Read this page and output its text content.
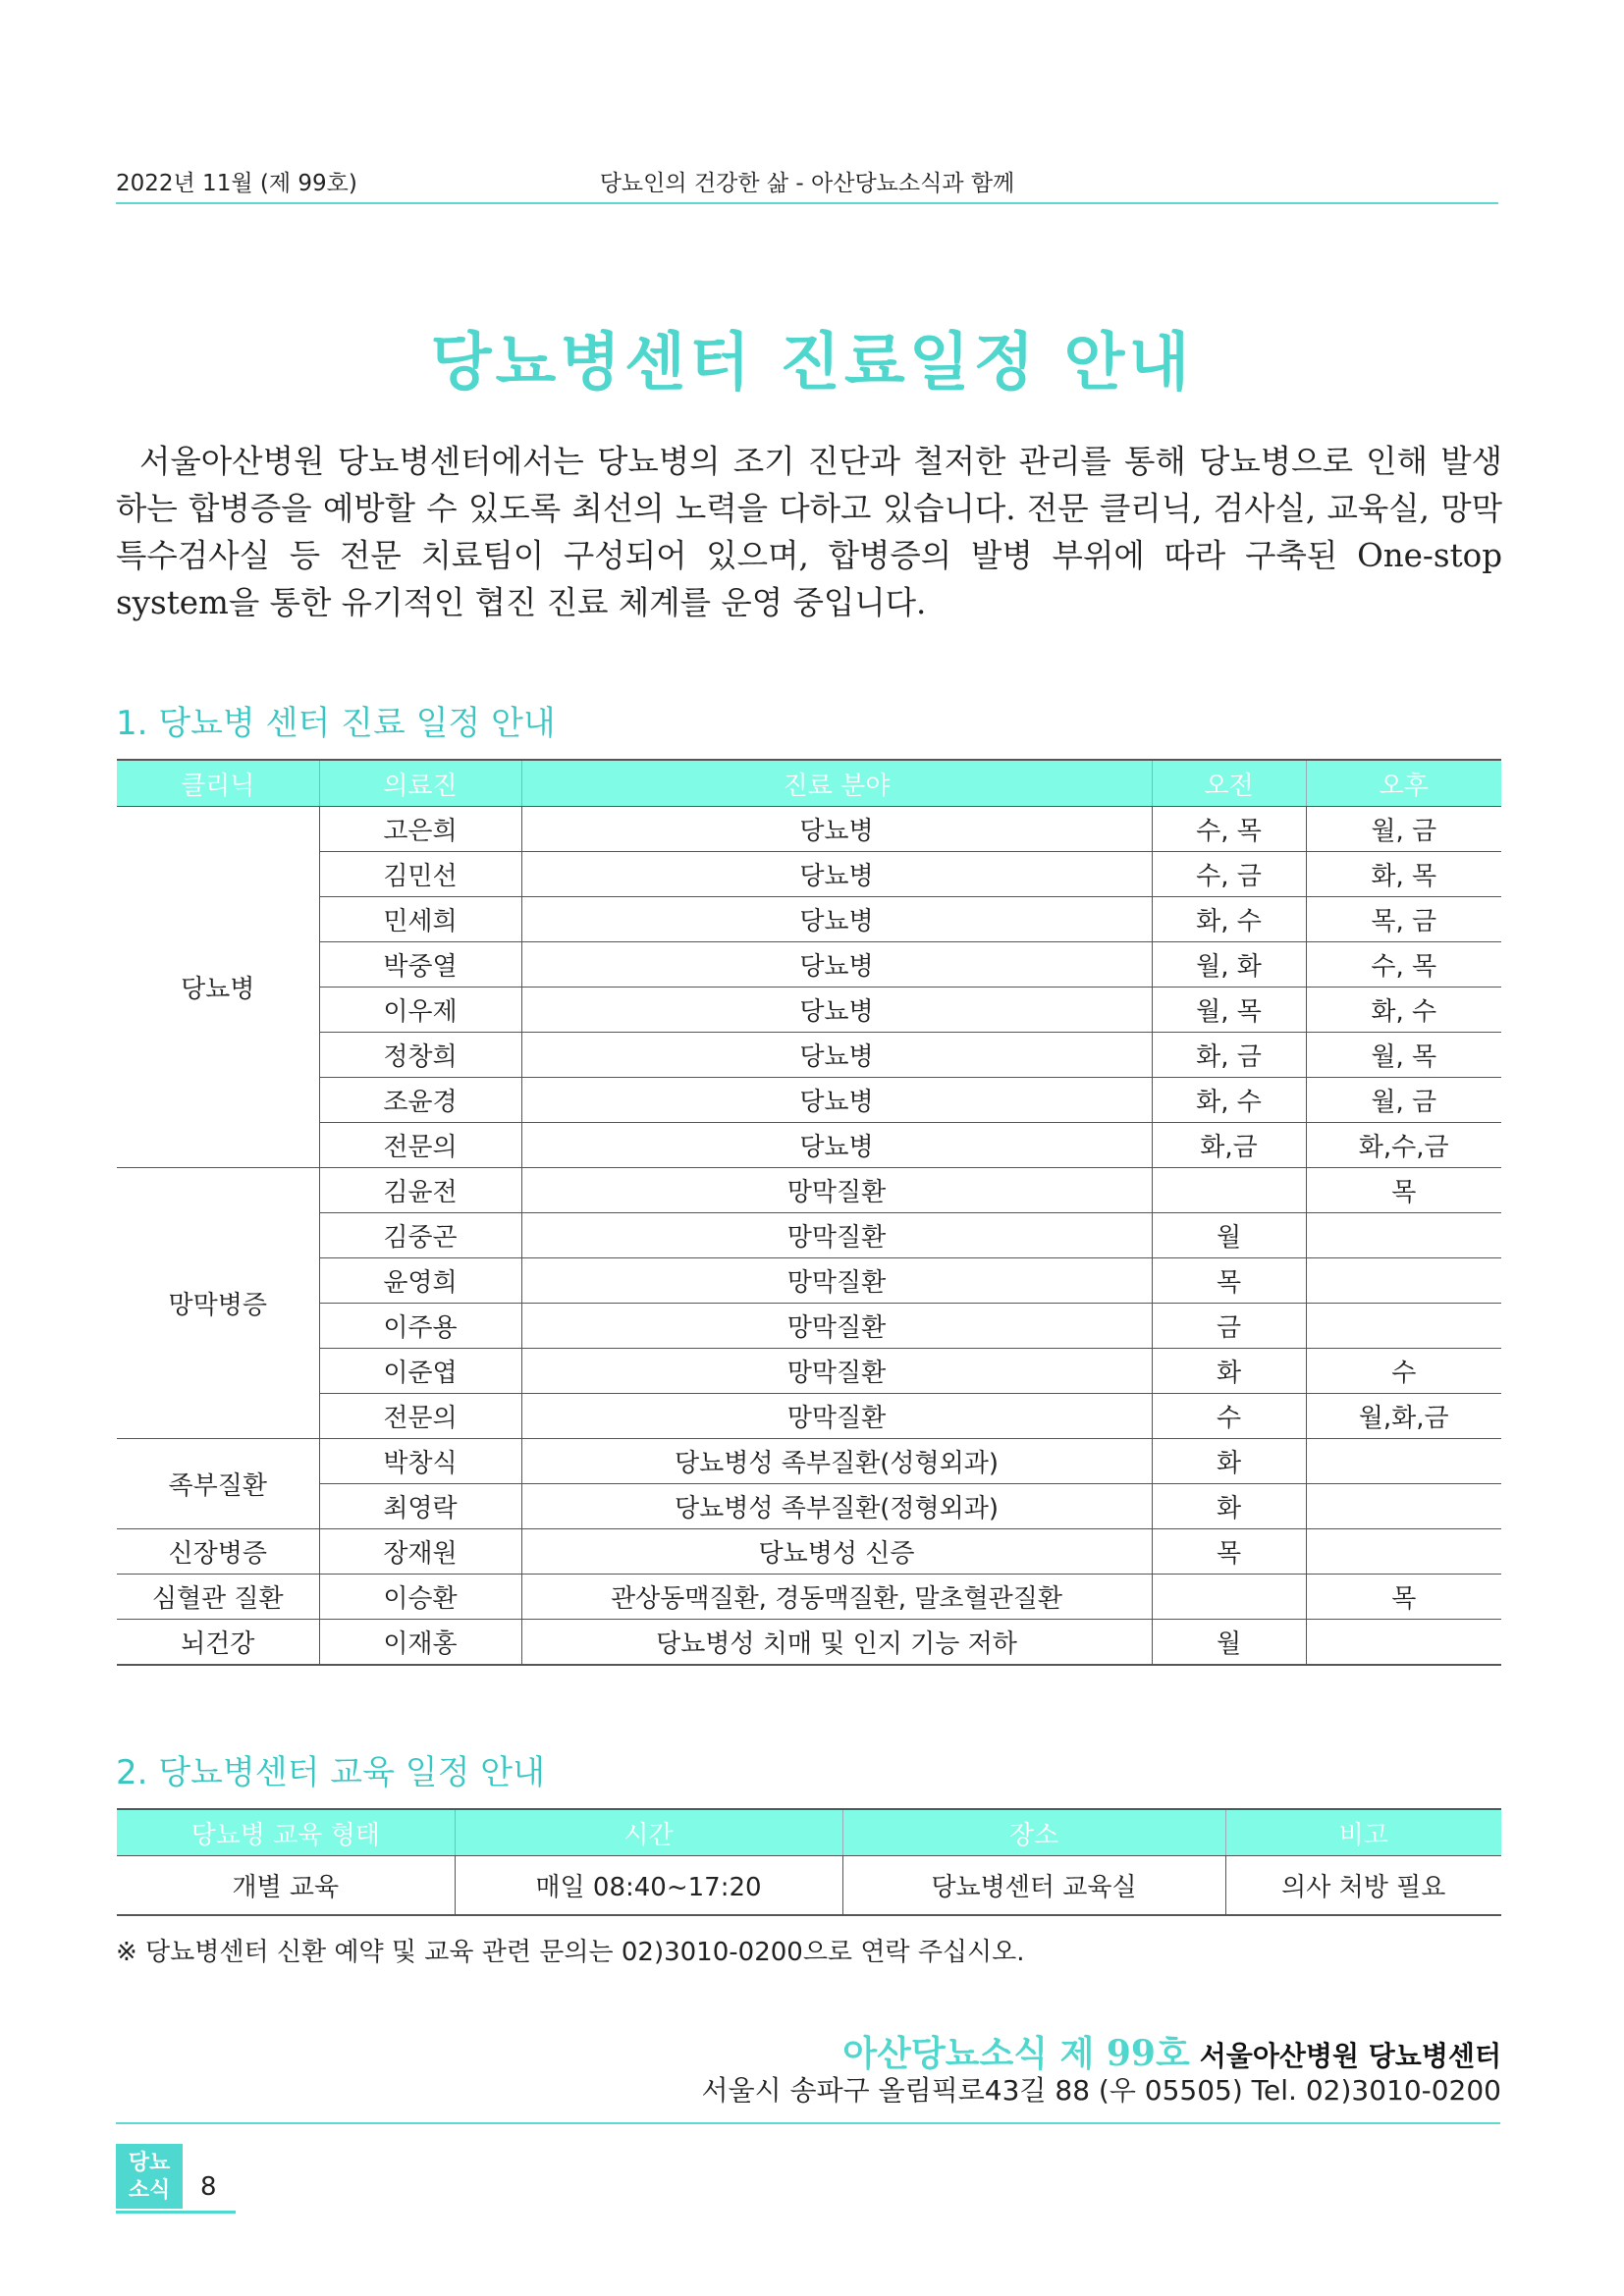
2022년 11월 (제 99호)	당뇨인의 건강한 삶 - 아산당뇨소식과 함께
당뇨병센터 진료일정 안내

서울아산병원 당뇨병센터에서는 당뇨병의 조기 진단과 철저한 관리를 통해 당뇨병으로 인해 발생하는 합병증을 예방할 수 있도록 최선의 노력을 다하고 있습니다. 전문 클리닉, 검사실, 교육실, 망막특수검사실 등 전문 치료팀이 구성되어 있으며, 합병증의 발병 부위에 따라 구축된 One-stop system을 통한 유기적인 협진 진료 체계를 운영 중입니다.

1. 당뇨병 센터 진료 일정 안내
클리닉	의료진	진료 분야	오전	오후
당뇨병	고은희	당뇨병	수, 목	월, 금
	김민선	당뇨병	수, 금	화, 목
	민세희	당뇨병	화, 수	목, 금
	박중열	당뇨병	월, 화	수, 목
	이우제	당뇨병	월, 목	화, 수
	정창희	당뇨병	화, 금	월, 목
	조윤경	당뇨병	화, 수	월, 금
	전문의	당뇨병	화,금	화,수,금
망막병증	김윤전	망막질환		목
	김중곤	망막질환	월	
	윤영희	망막질환	목	
	이주용	망막질환	금	
	이준엽	망막질환	화	수
	전문의	망막질환	수	월,화,금
족부질환	박창식	당뇨병성 족부질환(성형외과)	화	
	최영락	당뇨병성 족부질환(정형외과)	화	
신장병증	장재원	당뇨병성 신증	목	
심혈관 질환	이승환	관상동맥질환, 경동맥질환, 말초혈관질환		목
뇌건강	이재홍	당뇨병성 치매 및 인지 기능 저하	월	
2. 당뇨병센터 교육 일정 안내
당뇨병 교육 형태	시간	장소	비고
개별 교육	매일 08:40~17:20	당뇨병센터 교육실	의사 처방 필요
※ 당뇨병센터 신환 예약 및 교육 관련 문의는 02)3010-0200으로 연락 주십시오.
아산당뇨소식 제 99호 서울아산병원 당뇨병센터
서울시 송파구 올림픽로43길 88 (우 05505) Tel. 02)3010-0200
당뇨
소식	8
